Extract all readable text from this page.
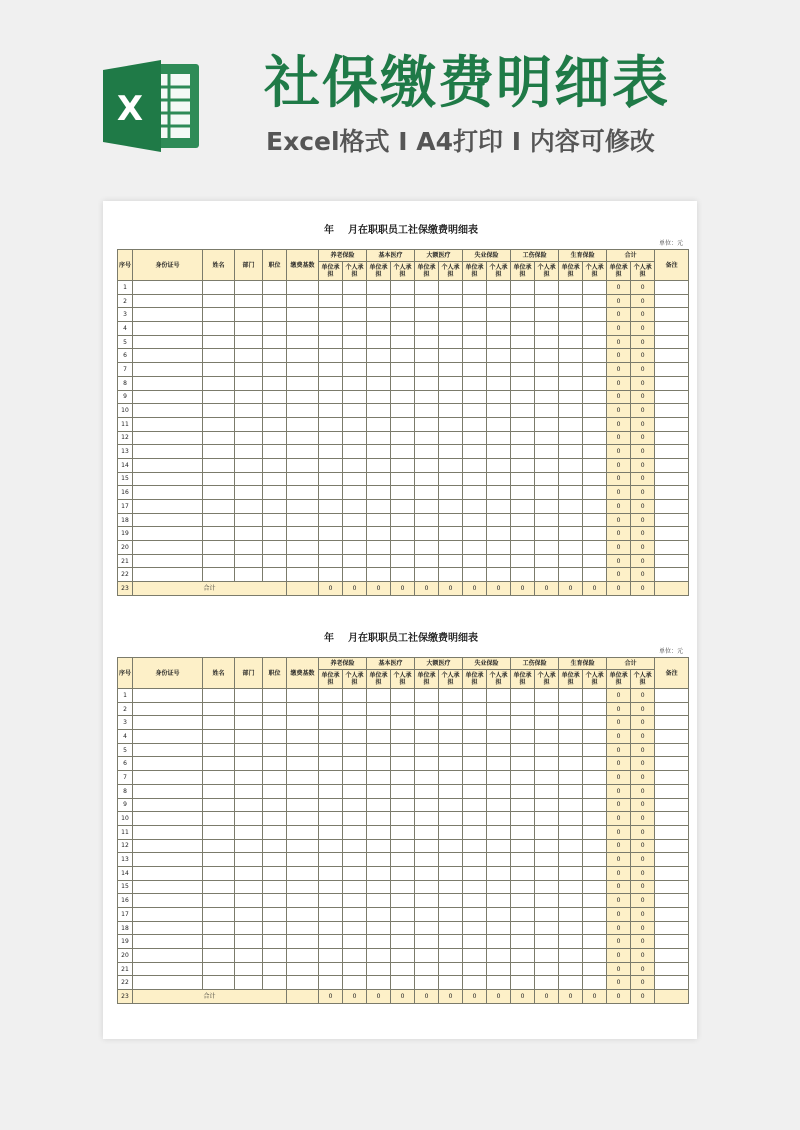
X 社保缴费明细表
Excel格式 I A4打印 I 内容可修改
年    月在职职员工社保缴费明细表
单位：元
序号	身份证号	姓名	部门	职位	缴费基数	养老保险		基本医疗		大额医疗		失业保险		工伤保险		生育保险		合计		备注
						单位承担	个人承担	单位承担	个人承担	单位承担	个人承担	单位承担	个人承担	单位承担	个人承担	单位承担	个人承担	单位承担	个人承担	
1																		0	0	
2																		0	0	
3																		0	0	
4																		0	0	
5																		0	0	
6																		0	0	
7																		0	0	
8																		0	0	
9																		0	0	
10																		0	0	
11																		0	0	
12																		0	0	
13																		0	0	
14																		0	0	
15																		0	0	
16																		0	0	
17																		0	0	
18																		0	0	
19																		0	0	
20																		0	0	
21																		0	0	
22																		0	0	
23	合计					0	0	0	0	0	0	0	0	0	0	0	0	0	0	
年    月在职职员工社保缴费明细表
单位：元
序号	身份证号	姓名	部门	职位	缴费基数	养老保险		基本医疗		大额医疗		失业保险		工伤保险		生育保险		合计		备注
						单位承担	个人承担	单位承担	个人承担	单位承担	个人承担	单位承担	个人承担	单位承担	个人承担	单位承担	个人承担	单位承担	个人承担	
1																		0	0	
2																		0	0	
3																		0	0	
4																		0	0	
5																		0	0	
6																		0	0	
7																		0	0	
8																		0	0	
9																		0	0	
10																		0	0	
11																		0	0	
12																		0	0	
13																		0	0	
14																		0	0	
15																		0	0	
16																		0	0	
17																		0	0	
18																		0	0	
19																		0	0	
20																		0	0	
21																		0	0	
22																		0	0	
23	合计					0	0	0	0	0	0	0	0	0	0	0	0	0	0	
